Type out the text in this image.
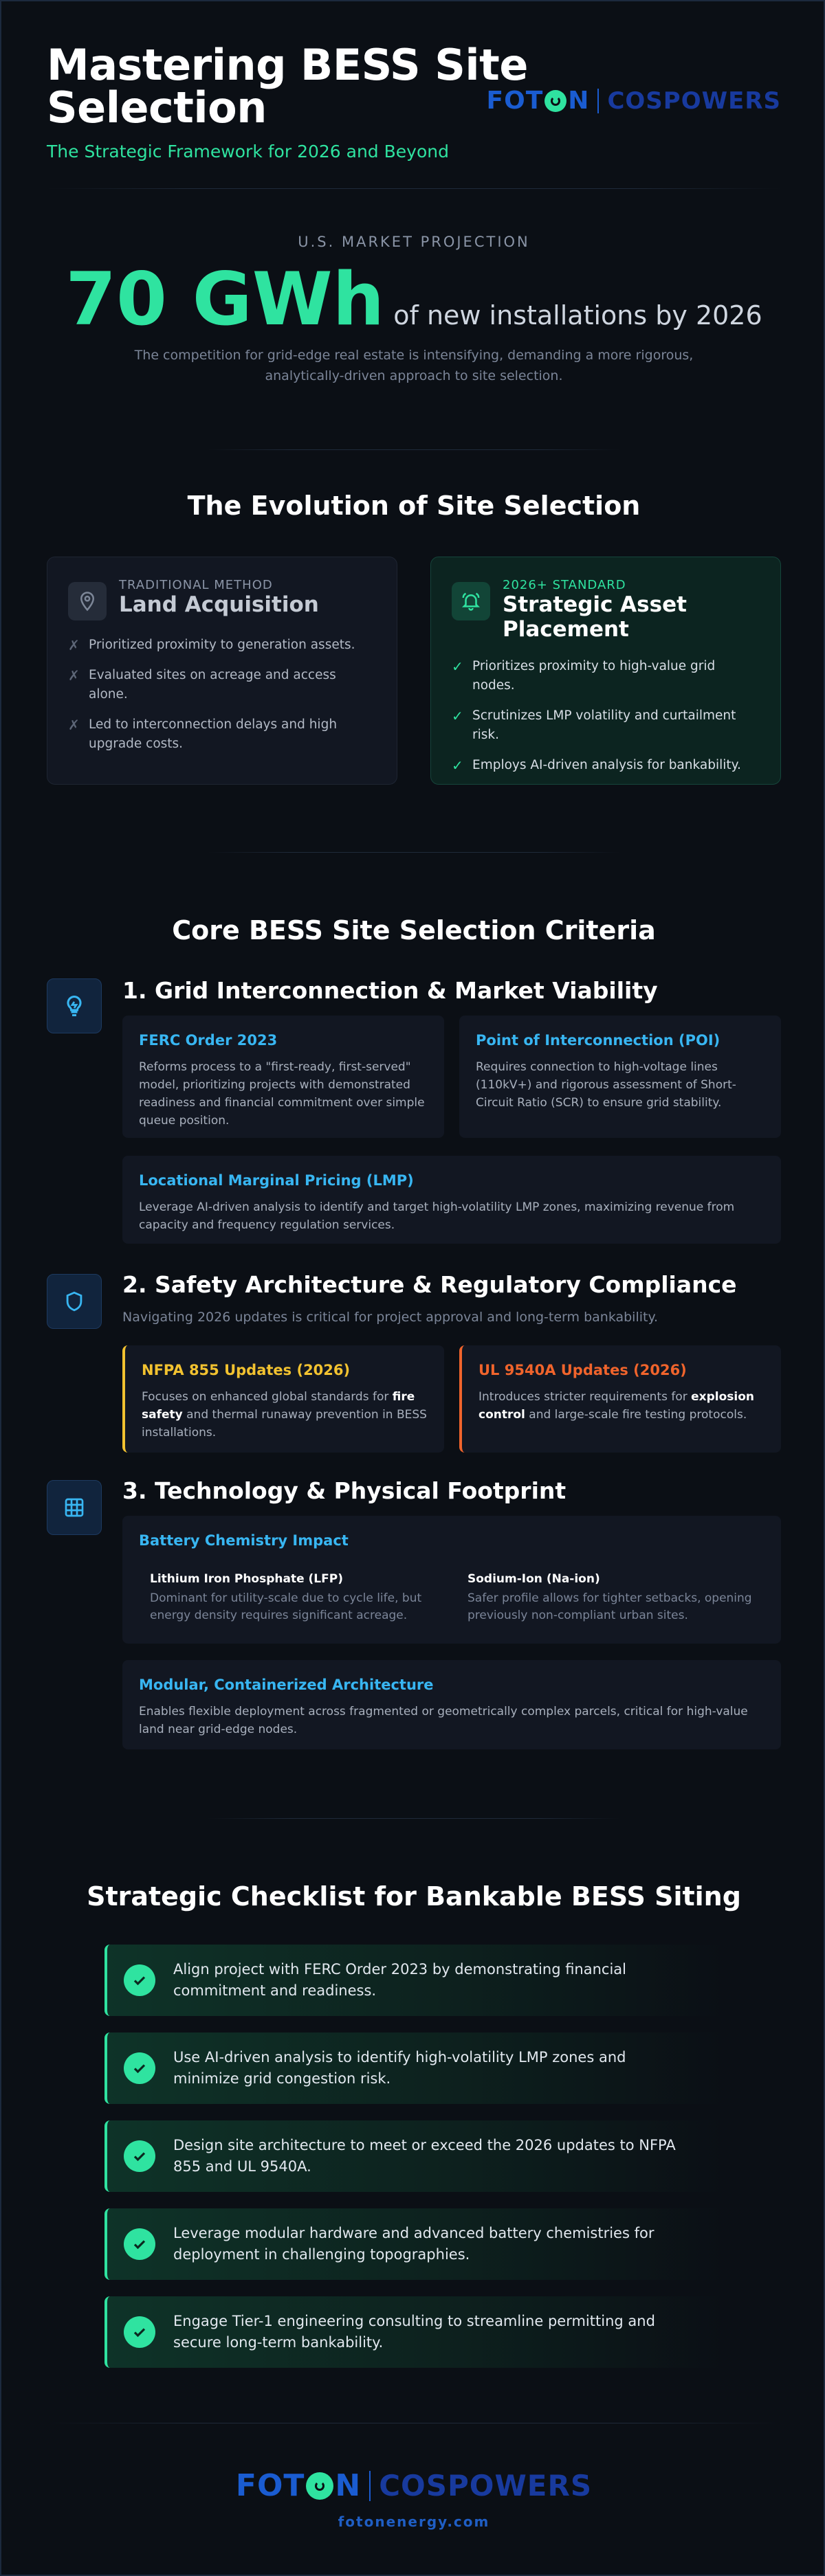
Mastering BESS Site Selection
The Strategic Framework for 2026 and Beyond
FOT N COSPOWERS
U.S. MARKET PROJECTION
70 GWh of new installations by 2026
The competition for grid-edge real estate is intensifying, demanding a more rigorous, analytically-driven approach to site selection.
The Evolution of Site Selection
TRADITIONAL METHOD
Land Acquisition
✗ Prioritized proximity to generation assets.
✗ Evaluated sites on acreage and access alone.
✗ Led to interconnection delays and high upgrade costs.
2026+ STANDARD
Strategic Asset Placement
✓ Prioritizes proximity to high-value grid nodes.
✓ Scrutinizes LMP volatility and curtailment risk.
✓ Employs AI-driven analysis for bankability.
Core BESS Site Selection Criteria
1. Grid Interconnection & Market Viability
FERC Order 2023
Reforms process to a "first-ready, first-served" model, prioritizing projects with demonstrated readiness and financial commitment over simple queue position.
Point of Interconnection (POI)
Requires connection to high-voltage lines (110kV+) and rigorous assessment of Short-Circuit Ratio (SCR) to ensure grid stability.
Locational Marginal Pricing (LMP)
Leverage AI-driven analysis to identify and target high-volatility LMP zones, maximizing revenue from capacity and frequency regulation services.
2. Safety Architecture & Regulatory Compliance
Navigating 2026 updates is critical for project approval and long-term bankability.
NFPA 855 Updates (2026)
Focuses on enhanced global standards for fire safety and thermal runaway prevention in BESS installations.
UL 9540A Updates (2026)
Introduces stricter requirements for explosion control and large-scale fire testing protocols.
3. Technology & Physical Footprint
Battery Chemistry Impact
Lithium Iron Phosphate (LFP)
Dominant for utility-scale due to cycle life, but energy density requires significant acreage.
Sodium-Ion (Na-ion)
Safer profile allows for tighter setbacks, opening previously non-compliant urban sites.
Modular, Containerized Architecture
Enables flexible deployment across fragmented or geometrically complex parcels, critical for high-value land near grid-edge nodes.
Strategic Checklist for Bankable BESS Siting
Align project with FERC Order 2023 by demonstrating financial commitment and readiness.
Use AI-driven analysis to identify high-volatility LMP zones and minimize grid congestion risk.
Design site architecture to meet or exceed the 2026 updates to NFPA 855 and UL 9540A.
Leverage modular hardware and advanced battery chemistries for deployment in challenging topographies.
Engage Tier-1 engineering consulting to streamline permitting and secure long-term bankability.
FOT N COSPOWERS
fotonenergy.com
